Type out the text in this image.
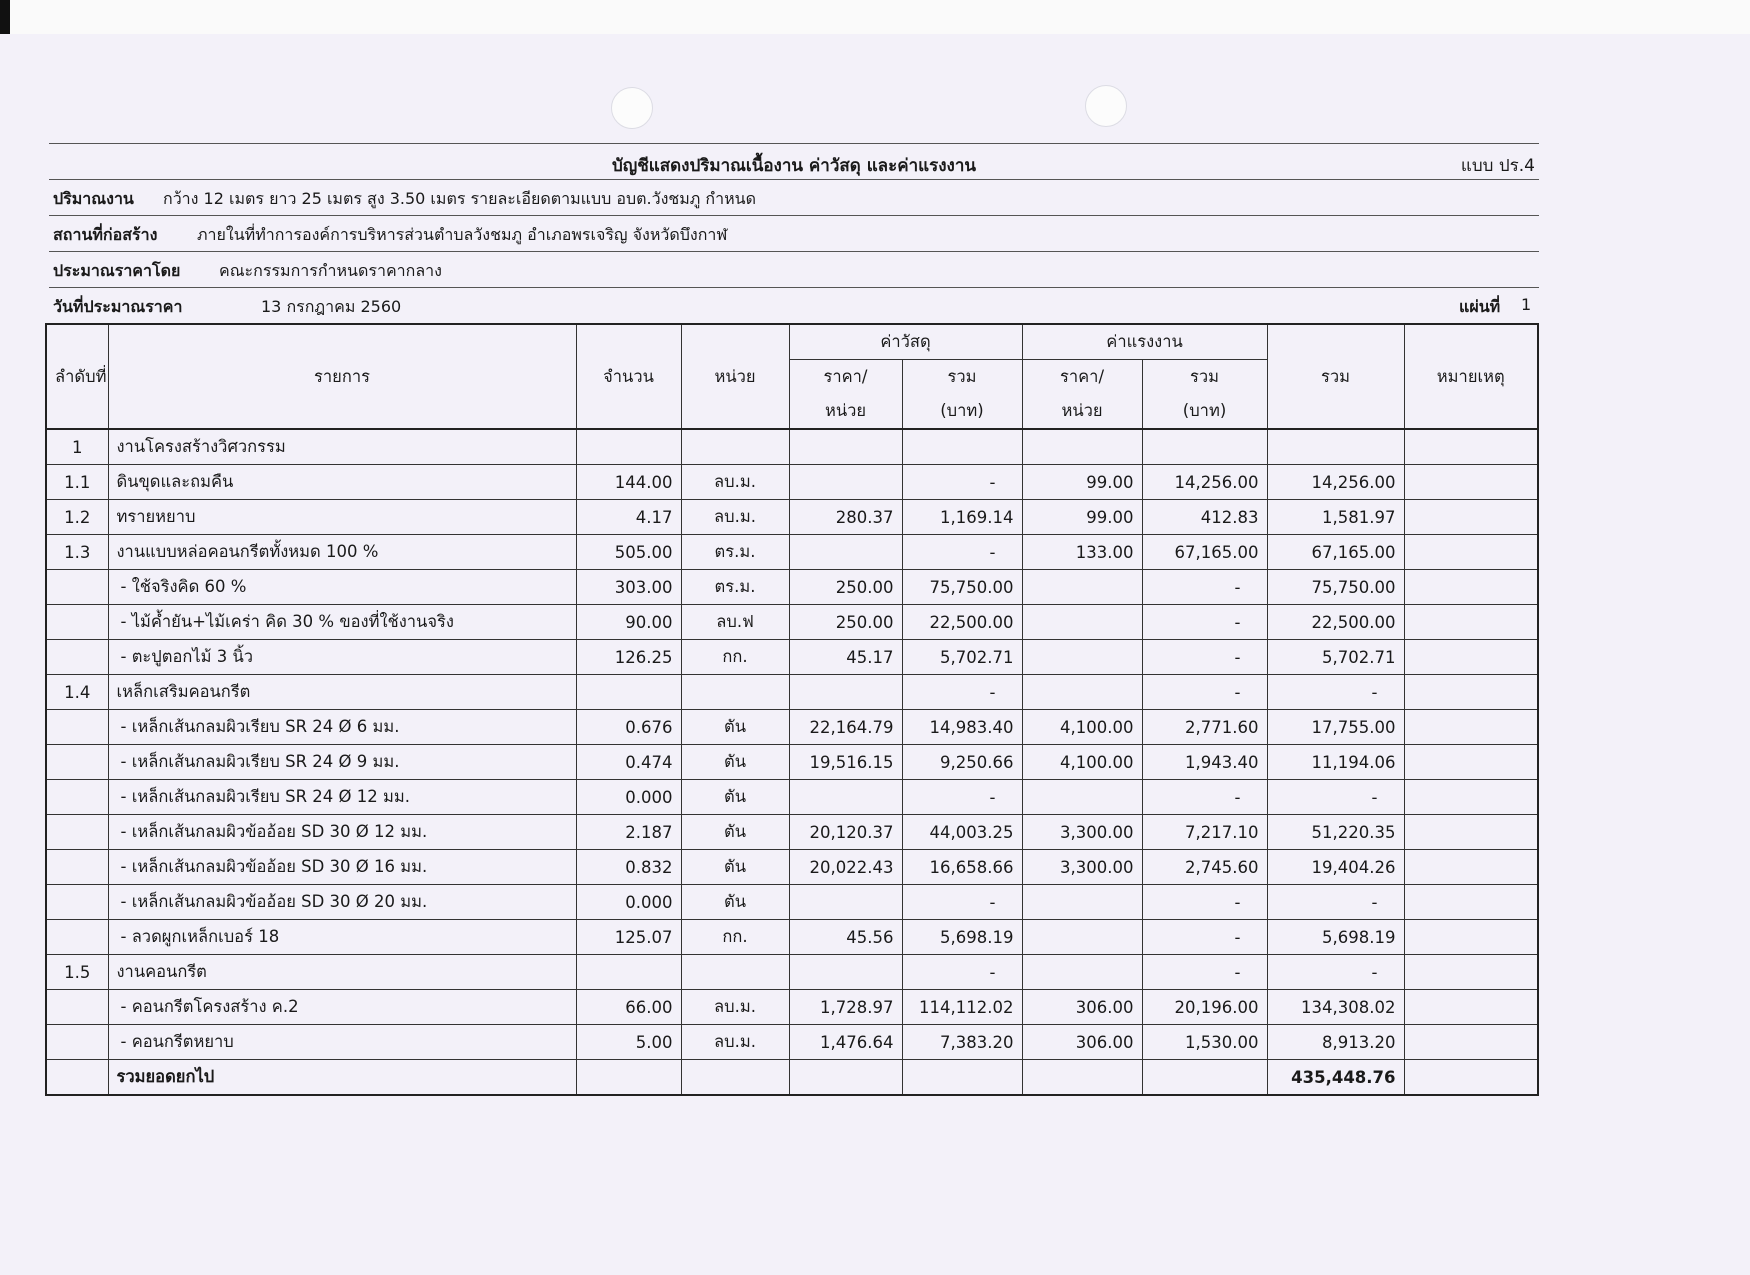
บัญชีแสดงปริมาณเนื้องาน ค่าวัสดุ และค่าแรงงาน	แบบ ปร.4
ปริมาณงาน กว้าง 12 เมตร ยาว 25 เมตร สูง 3.50 เมตร รายละเอียดตามแบบ อบต.วังชมภู กำหนด
สถานที่ก่อสร้าง ภายในที่ทำการองค์การบริหารส่วนตำบลวังชมภู อำเภอพรเจริญ จังหวัดบึงกาฬ
ประมาณราคาโดย คณะกรรมการกำหนดราคากลาง
วันที่ประมาณราคา	13 กรกฎาคม 2560	แผ่นที่ 1
ลำดับที่	รายการ	จำนวน	หน่วย	ค่าวัสดุ		ค่าแรงงาน		รวม	หมายเหตุ
				ราคา/	รวม	ราคา/	รวม		
				หน่วย	(บาท)	หน่วย	(บาท)		
1	งานโครงสร้างวิศวกรรม								
1.1	ดินขุดและถมคืน	144.00	ลบ.ม.		-	99.00	14,256.00	14,256.00	
1.2	ทรายหยาบ	4.17	ลบ.ม.	280.37	1,169.14	99.00	412.83	1,581.97	
1.3	งานแบบหล่อคอนกรีตทั้งหมด 100 %	505.00	ตร.ม.		-	133.00	67,165.00	67,165.00	
	- ใช้จริงคิด 60 %	303.00	ตร.ม.	250.00	75,750.00		-	75,750.00	
	- ไม้ค้ำยัน+ไม้เคร่า คิด 30 % ของที่ใช้งานจริง	90.00	ลบ.ฟ	250.00	22,500.00		-	22,500.00	
	- ตะปูตอกไม้ 3 นิ้ว	126.25	กก.	45.17	5,702.71		-	5,702.71	
1.4	เหล็กเสริมคอนกรีต				-		-	-	
	- เหล็กเส้นกลมผิวเรียบ SR 24 Ø 6 มม.	0.676	ตัน	22,164.79	14,983.40	4,100.00	2,771.60	17,755.00	
	- เหล็กเส้นกลมผิวเรียบ SR 24 Ø 9 มม.	0.474	ตัน	19,516.15	9,250.66	4,100.00	1,943.40	11,194.06	
	- เหล็กเส้นกลมผิวเรียบ SR 24 Ø 12 มม.	0.000	ตัน		-		-	-	
	- เหล็กเส้นกลมผิวข้ออ้อย SD 30 Ø 12 มม.	2.187	ตัน	20,120.37	44,003.25	3,300.00	7,217.10	51,220.35	
	- เหล็กเส้นกลมผิวข้ออ้อย SD 30 Ø 16 มม.	0.832	ตัน	20,022.43	16,658.66	3,300.00	2,745.60	19,404.26	
	- เหล็กเส้นกลมผิวข้ออ้อย SD 30 Ø 20 มม.	0.000	ตัน		-		-	-	
	- ลวดผูกเหล็กเบอร์ 18	125.07	กก.	45.56	5,698.19		-	5,698.19	
1.5	งานคอนกรีต				-		-	-	
	- คอนกรีตโครงสร้าง ค.2	66.00	ลบ.ม.	1,728.97	114,112.02	306.00	20,196.00	134,308.02	
	- คอนกรีตหยาบ	5.00	ลบ.ม.	1,476.64	7,383.20	306.00	1,530.00	8,913.20	
	รวมยอดยกไป							435,448.76	
